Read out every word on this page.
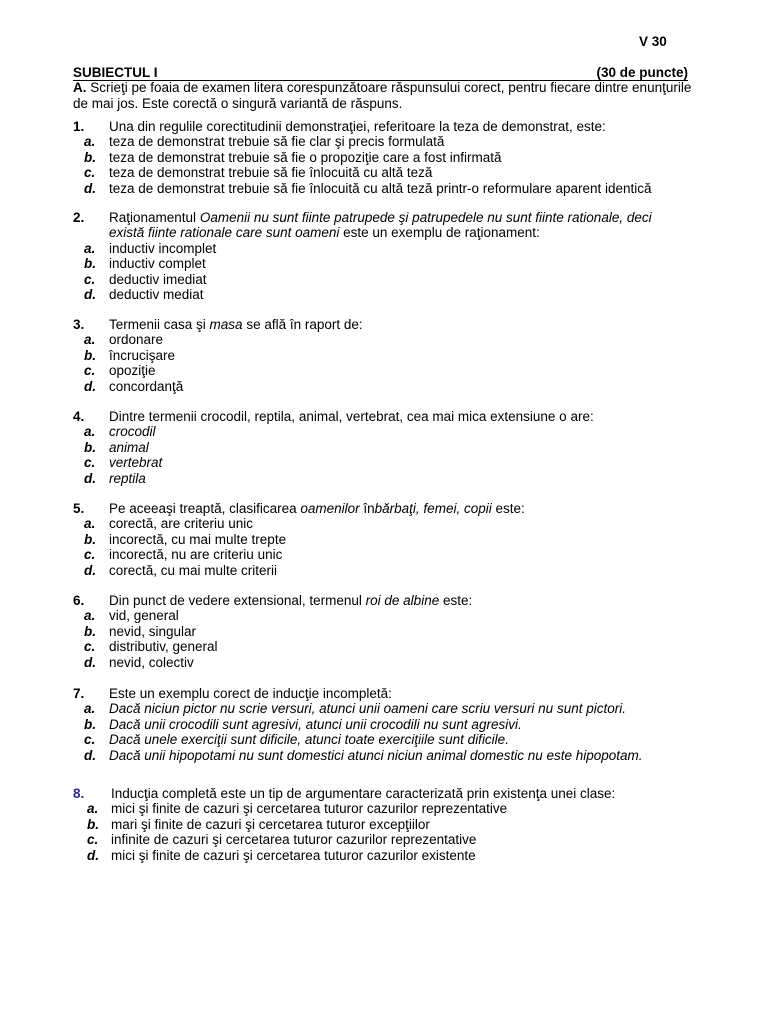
V 30
SUBIECTUL I	(30 de puncte)
A. Scrieţi pe foaia de examen litera corespunzătoare răspunsului corect, pentru fiecare dintre enunţurile de mai jos. Este corectă o singură variantă de răspuns.
1. Una din regulile corectitudinii demonstraţiei, referitoare la teza de demonstrat, este:
a. teza de demonstrat trebuie să fie clar şi precis formulată
b. teza de demonstrat trebuie să fie o propoziţie care a fost infirmată
c. teza de demonstrat trebuie să fie înlocuită cu altă teză
d. teza de demonstrat trebuie să fie înlocuită cu altă teză printr-o reformulare aparent identică
2. Raţionamentul Oamenii nu sunt fiinte patrupede şi patrupedele nu sunt fiinte rationale, deci există fiinte rationale care sunt oameni este un exemplu de raţionament:
a. inductiv incomplet
b. inductiv complet
c. deductiv imediat
d. deductiv mediat
3. Termenii casa şi masa se află în raport de:
a. ordonare
b. încrucişare
c. opoziţie
d. concordanţă
4. Dintre termenii crocodil, reptila, animal, vertebrat, cea mai mica extensiune o are:
a. crocodil
b. animal
c. vertebrat
d. reptila
5. Pe aceeaşi treaptă, clasificarea oamenilor înbărbaţi, femei, copii este:
a. corectă, are criteriu unic
b. incorectă, cu mai multe trepte
c. incorectă, nu are criteriu unic
d. corectă, cu mai multe criterii
6. Din punct de vedere extensional, termenul roi de albine este:
a. vid, general
b. nevid, singular
c. distributiv, general
d. nevid, colectiv
7. Este un exemplu corect de inducţie incompletă:
a. Dacă niciun pictor nu scrie versuri, atunci unii oameni care scriu versuri nu sunt pictori.
b. Dacă unii crocodili sunt agresivi, atunci unii crocodili nu sunt agresivi.
c. Dacă unele exerciţii sunt dificile, atunci toate exerciţiile sunt dificile.
d. Dacă unii hipopotami nu sunt domestici atunci niciun animal domestic nu este hipopotam.
8. Inducţia completă este un tip de argumentare caracterizată prin existenţa unei clase:
a. mici şi finite de cazuri şi cercetarea tuturor cazurilor reprezentative
b. mari şi finite de cazuri şi cercetarea tuturor excepţiilor
c. infinite de cazuri şi cercetarea tuturor cazurilor reprezentative
d. mici şi finite de cazuri şi cercetarea tuturor cazurilor existente
